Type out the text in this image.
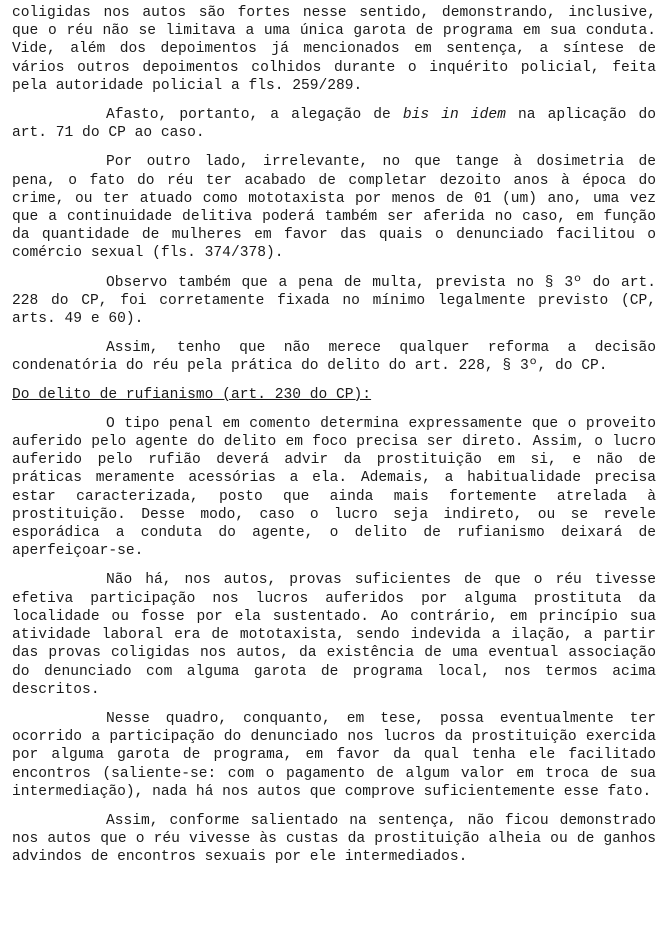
coligidas nos autos são fortes nesse sentido, demonstrando, inclusive, que o réu não se limitava a uma única garota de programa em sua conduta. Vide, além dos depoimentos já mencionados em sentença, a síntese de vários outros depoimentos colhidos durante o inquérito policial, feita pela autoridade policial a fls. 259/289.

Afasto, portanto, a alegação de bis in idem na aplicação do art. 71 do CP ao caso.

Por outro lado, irrelevante, no que tange à dosimetria de pena, o fato do réu ter acabado de completar dezoito anos à época do crime, ou ter atuado como mototaxista por menos de 01 (um) ano, uma vez que a continuidade delitiva poderá também ser aferida no caso, em função da quantidade de mulheres em favor das quais o denunciado facilitou o comércio sexual (fls. 374/378).

Observo também que a pena de multa, prevista no § 3º do art. 228 do CP, foi corretamente fixada no mínimo legalmente previsto (CP, arts. 49 e 60).

Assim, tenho que não merece qualquer reforma a decisão condenatória do réu pela prática do delito do art. 228, § 3º, do CP.

Do delito de rufianismo (art. 230 do CP):

O tipo penal em comento determina expressamente que o proveito auferido pelo agente do delito em foco precisa ser direto. Assim, o lucro auferido pelo rufião deverá advir da prostituição em si, e não de práticas meramente acessórias a ela. Ademais, a habitualidade precisa estar caracterizada, posto que ainda mais fortemente atrelada à prostituição. Desse modo, caso o lucro seja indireto, ou se revele esporádica a conduta do agente, o delito de rufianismo deixará de aperfeiçoar-se.

Não há, nos autos, provas suficientes de que o réu tivesse efetiva participação nos lucros auferidos por alguma prostituta da localidade ou fosse por ela sustentado. Ao contrário, em princípio sua atividade laboral era de mototaxista, sendo indevida a ilação, a partir das provas coligidas nos autos, da existência de uma eventual associação do denunciado com alguma garota de programa local, nos termos acima descritos.

Nesse quadro, conquanto, em tese, possa eventualmente ter ocorrido a participação do denunciado nos lucros da prostituição exercida por alguma garota de programa, em favor da qual tenha ele facilitado encontros (saliente-se: com o pagamento de algum valor em troca de sua intermediação), nada há nos autos que comprove suficientemente esse fato.

Assim, conforme salientado na sentença, não ficou demonstrado nos autos que o réu vivesse às custas da prostituição alheia ou de ganhos advindos de encontros sexuais por ele intermediados.
